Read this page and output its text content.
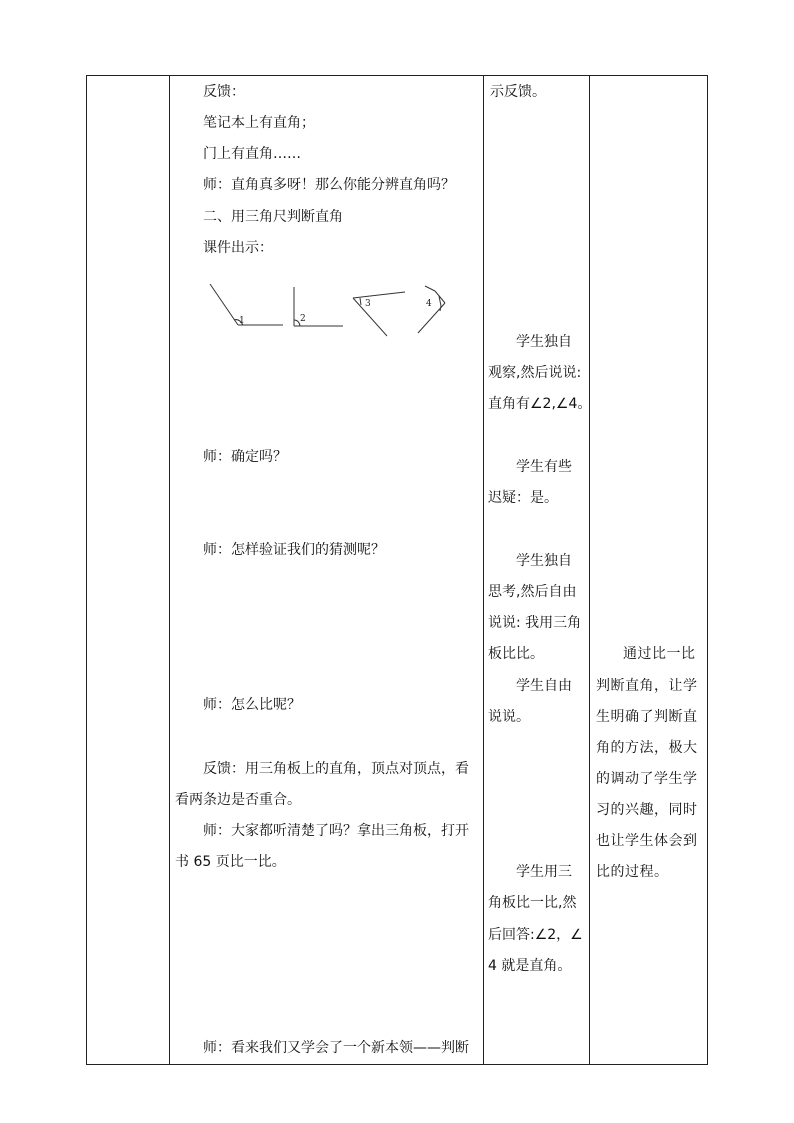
反馈：
笔记本上有直角；
门上有直角……
师：直角真多呀！那么你能分辨直角吗？
二、用三角尺判断直角
课件出示：
1	2
3	4
师：确定吗？
师：怎样验证我们的猜测呢？
师：怎么比呢？
反馈：用三角板上的直角，顶点对顶点，看
看两条边是否重合。
师：大家都听清楚了吗？拿出三角板，打开
书 65 页比一比。
师：看来我们又学会了一个新本领——判断
示反馈。
学生独自
观察,然后说说:
直角有∠2,∠4。
学生有些
迟疑：是。
学生独自
思考,然后自由
说说: 我用三角
板比比。
学生自由
说说。
学生用三
角板比一比,然
后回答:∠2，∠
4 就是直角。
通过比一比
判断直角，让学
生明确了判断直
角的方法，极大
的调动了学生学
习的兴趣，同时
也让学生体会到
比的过程。
